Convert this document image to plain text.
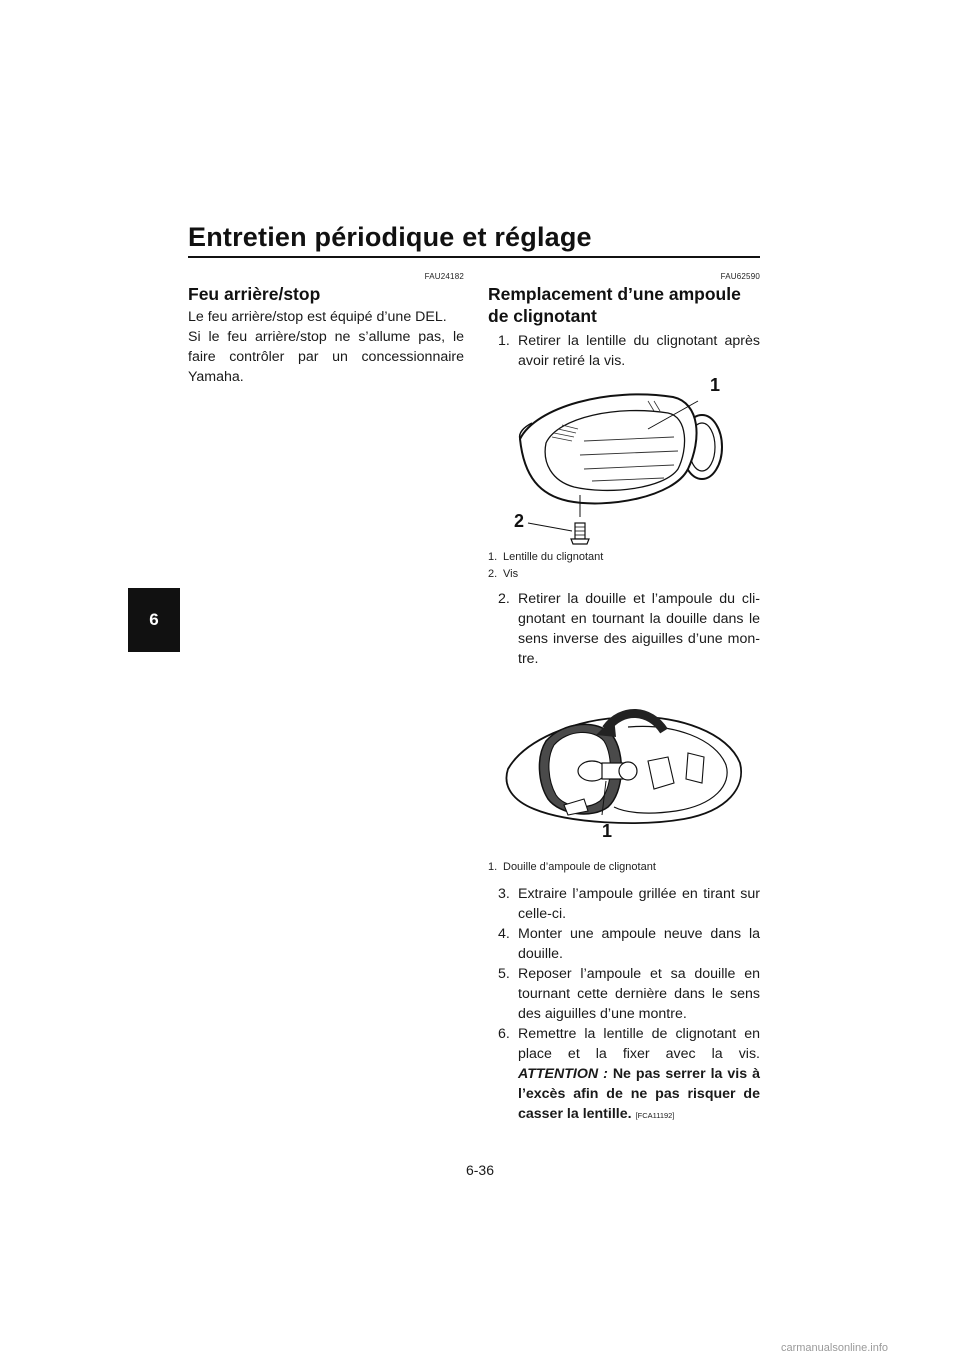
Entretien périodique et réglage
6
FAU24182
Feu arrière/stop

Le feu arrière/stop est équipé d’une DEL.

Si le feu arrière/stop ne s’allume pas, le faire contrôler par un concessionnaire Yamaha.

FAU62590
Remplacement d’une ampoule de clignotant
1. Retirer la lentille du clignotant après avoir retiré la vis.
1
2

1. Lentille du clignotant

2. Vis

2. Retirer la douille et l’ampoule du cli-gnotant en tournant la douille dans le sens inverse des aiguilles d’une mon-tre.
1

1. Douille d’ampoule de clignotant

3. Extraire l’ampoule grillée en tirant sur celle-ci.
4. Monter une ampoule neuve dans la douille.
5. Reposer l’ampoule et sa douille en tournant cette dernière dans le sens des aiguilles d’une montre.
6. Remettre la lentille de clignotant en place et la fixer avec la vis. ATTENTION : Ne pas serrer la vis à l’excès afin de ne pas risquer de casser la lentille. [FCA11192]
6-36
carmanualsonline.info
